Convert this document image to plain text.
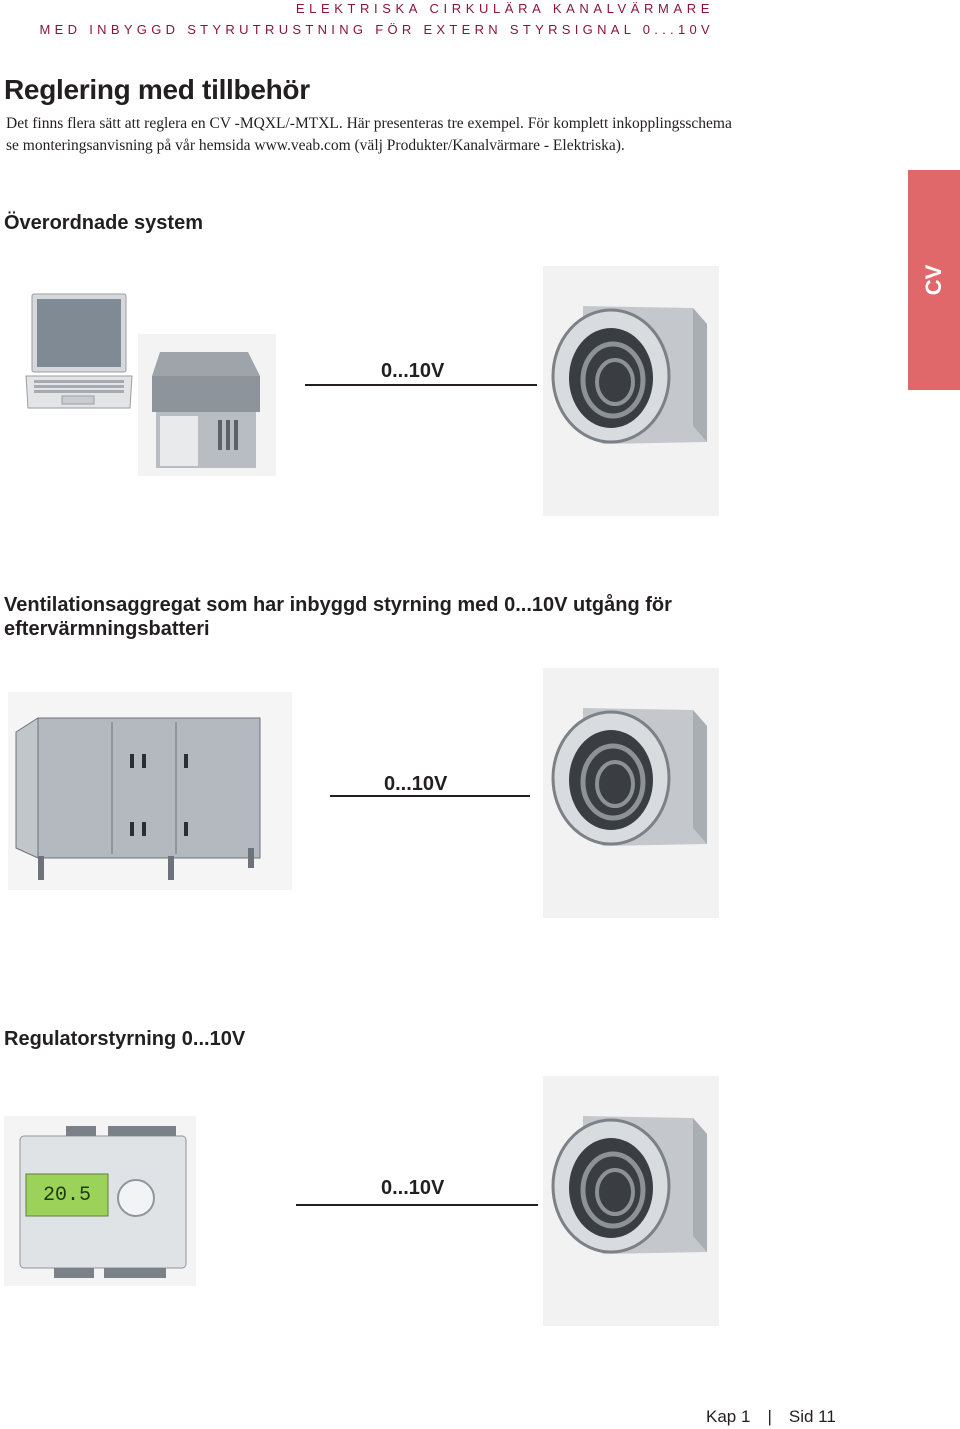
ELEKTRISKA CIRKULÄRA KANALVÄRMARE
MED INBYGGD STYRUTRUSTNING FÖR EXTERN STYRSIGNAL 0...10V
Reglering med tillbehör

Det finns flera sätt att reglera en CV -MQXL/-MTXL. Här presenteras tre exempel. För komplett inkopplingsschema
se monteringsanvisning på vår hemsida www.veab.com (välj Produkter/Kanalvärmare - Elektriska).

CV
Överordnade system
0...10V
Ventilationsaggregat som har inbyggd styrning med 0...10V utgång för
eftervärmningsbatteri
0...10V
Regulatorstyrning 0...10V
20.5	0...10V
Kap 1 | Sid 11
